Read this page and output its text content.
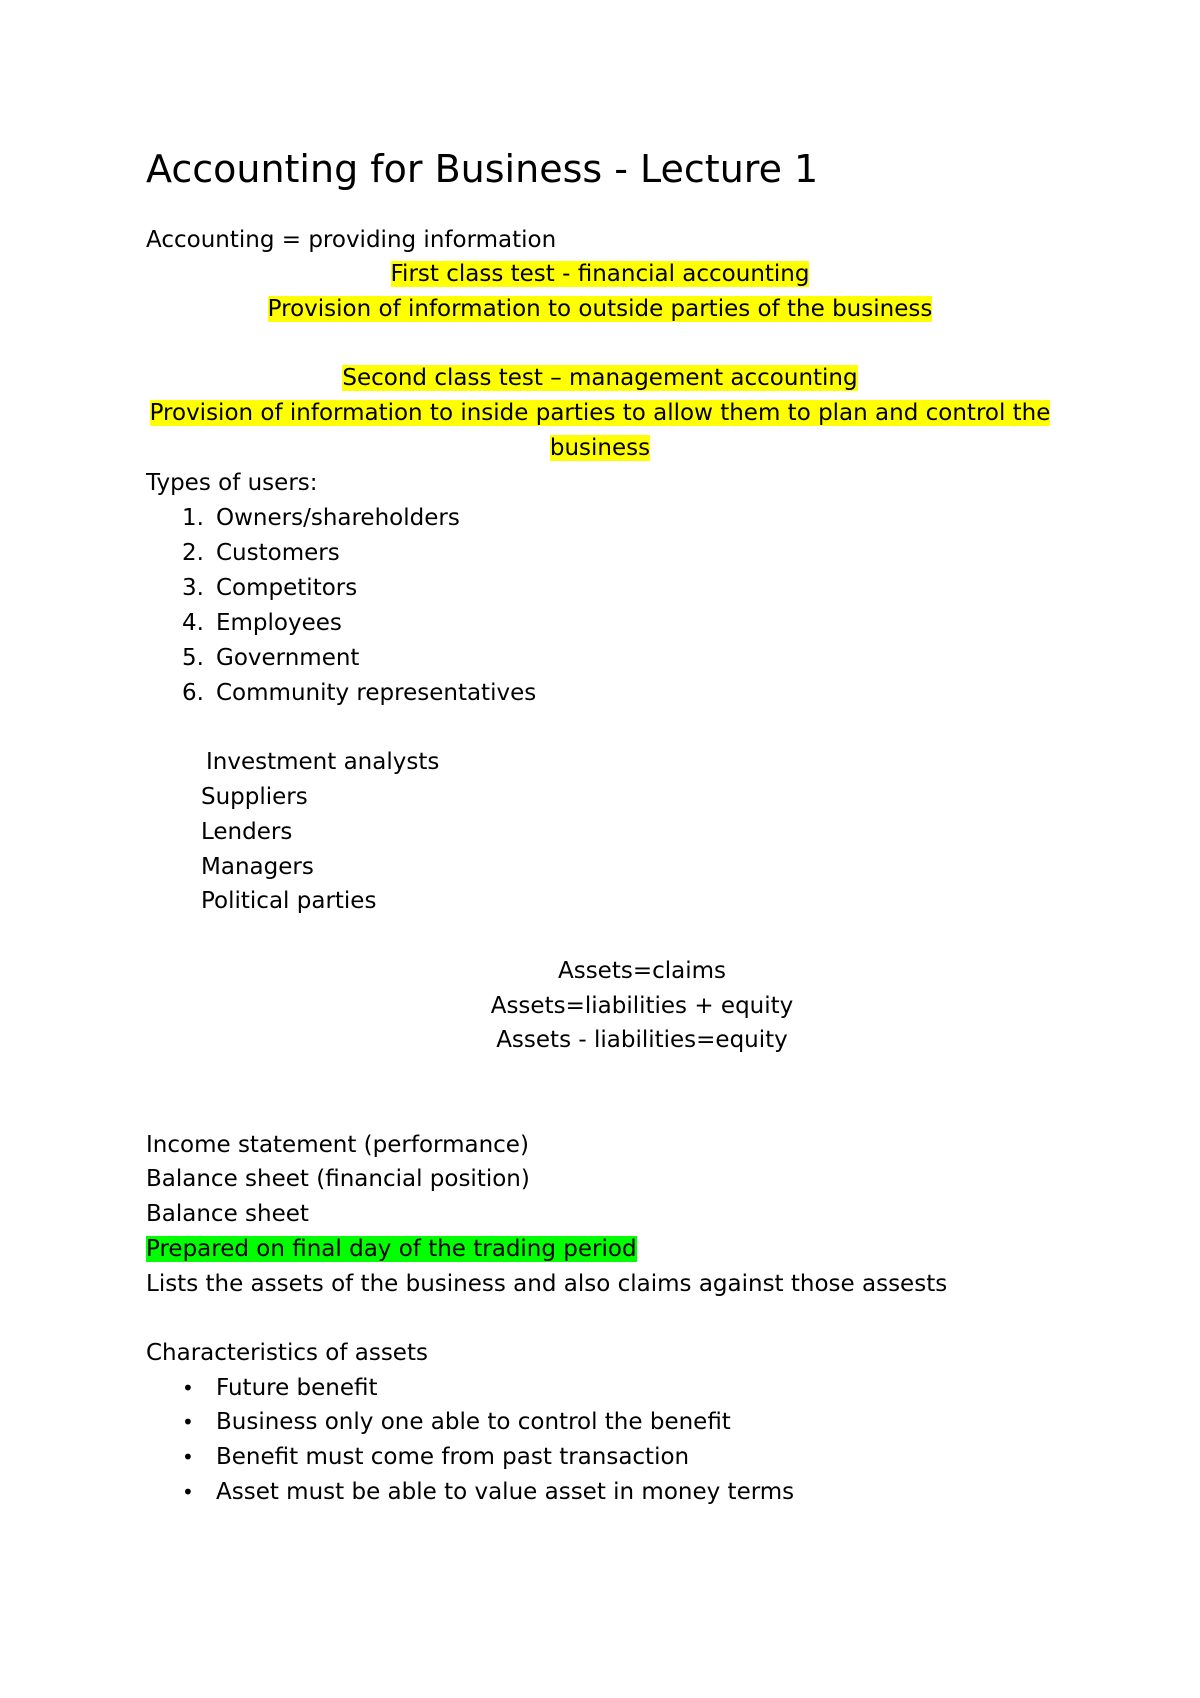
Accounting for Business - Lecture 1
Accounting = providing information
First class test - financial accounting
Provision of information to outside parties of the business
Second class test – management accounting
Provision of information to inside parties to allow them to plan and control the
business
Types of users:
1. Owners/shareholders
2. Customers
3. Competitors
4. Employees
5. Government
6. Community representatives
Investment analysts
Suppliers
Lenders
Managers
Political parties
Assets=claims
Assets=liabilities + equity
Assets - liabilities=equity
Income statement (performance)
Balance sheet (financial position)
Balance sheet
Prepared on final day of the trading period
Lists the assets of the business and also claims against those assests
Characteristics of assets
• Future benefit
• Business only one able to control the benefit
• Benefit must come from past transaction
• Asset must be able to value asset in money terms
